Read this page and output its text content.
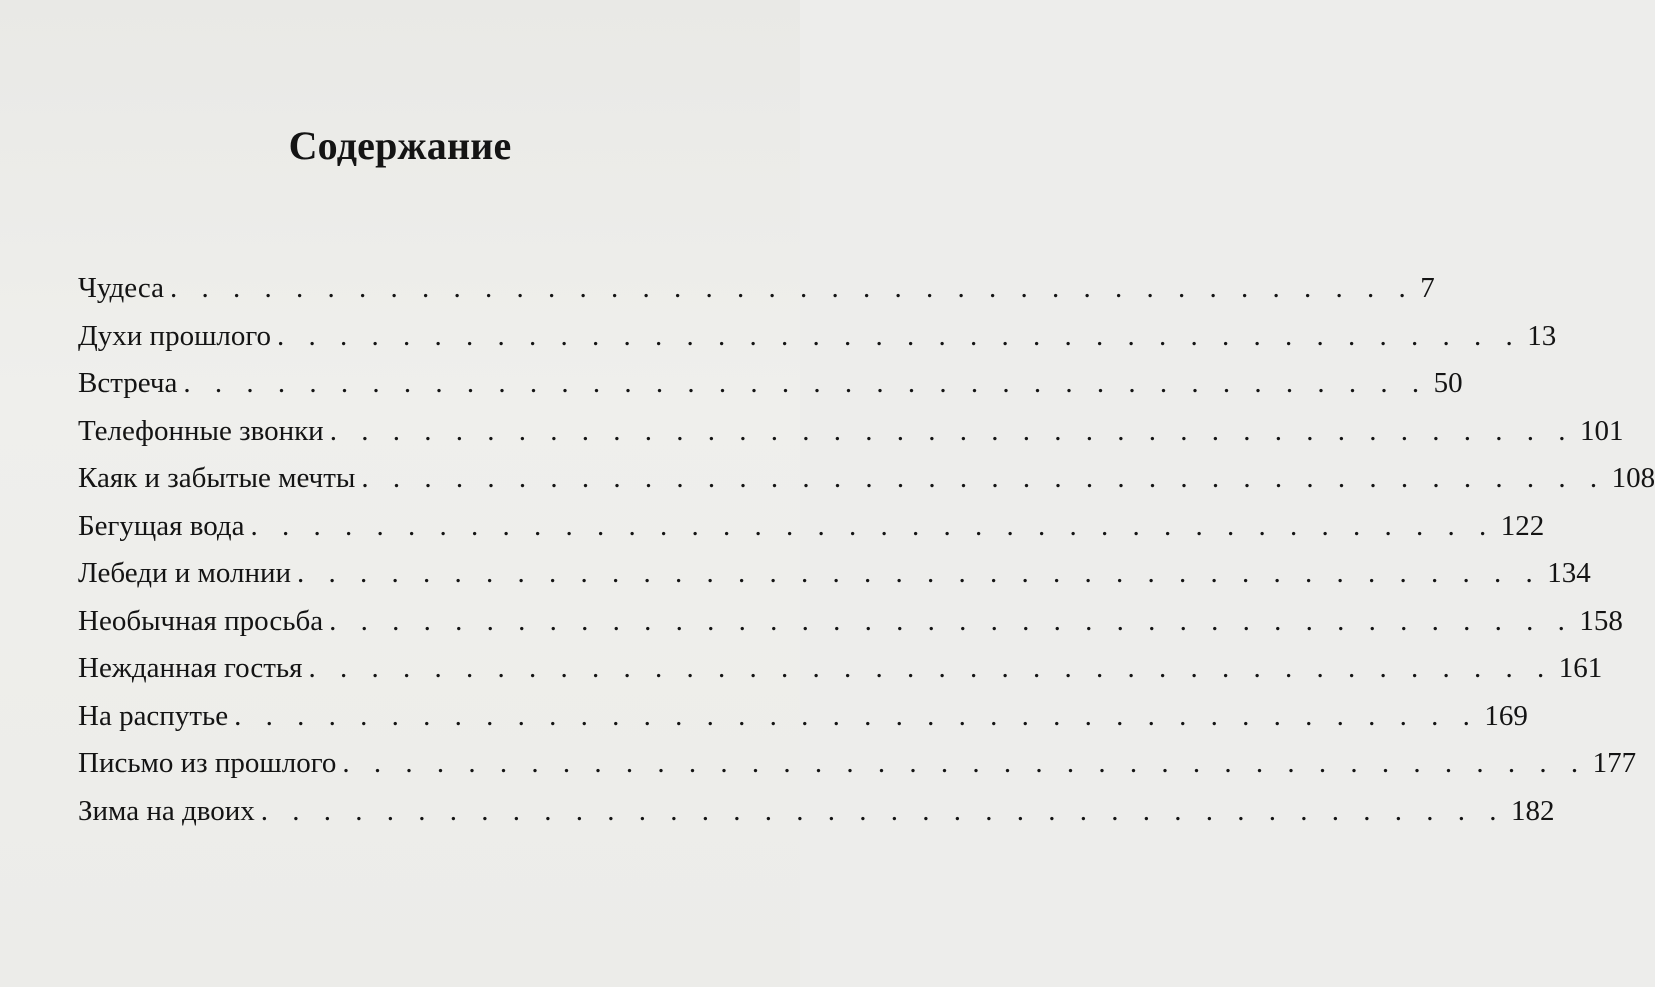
Содержание
Чудеса . . . . . . . . . . . . . . . . . . . . . . . . . . . . . . . . . . . . . . . . 7
Духи прошлого . . . . . . . . . . . . . . . . . . . . . . . . . . . . . . . . . . . . . . . . 13
Встреча . . . . . . . . . . . . . . . . . . . . . . . . . . . . . . . . . . . . . . . . 50
Телефонные звонки . . . . . . . . . . . . . . . . . . . . . . . . . . . . . . . . . . . . . . . . 101
Каяк и забытые мечты . . . . . . . . . . . . . . . . . . . . . . . . . . . . . . . . . . . . . . . . 108
Бегущая вода . . . . . . . . . . . . . . . . . . . . . . . . . . . . . . . . . . . . . . . . 122
Лебеди и молнии . . . . . . . . . . . . . . . . . . . . . . . . . . . . . . . . . . . . . . . . 134
Необычная просьба . . . . . . . . . . . . . . . . . . . . . . . . . . . . . . . . . . . . . . . . 158
Нежданная гостья . . . . . . . . . . . . . . . . . . . . . . . . . . . . . . . . . . . . . . . . 161
На распутье . . . . . . . . . . . . . . . . . . . . . . . . . . . . . . . . . . . . . . . . 169
Письмо из прошлого . . . . . . . . . . . . . . . . . . . . . . . . . . . . . . . . . . . . . . . . 177
Зима на двоих . . . . . . . . . . . . . . . . . . . . . . . . . . . . . . . . . . . . . . . . 182
